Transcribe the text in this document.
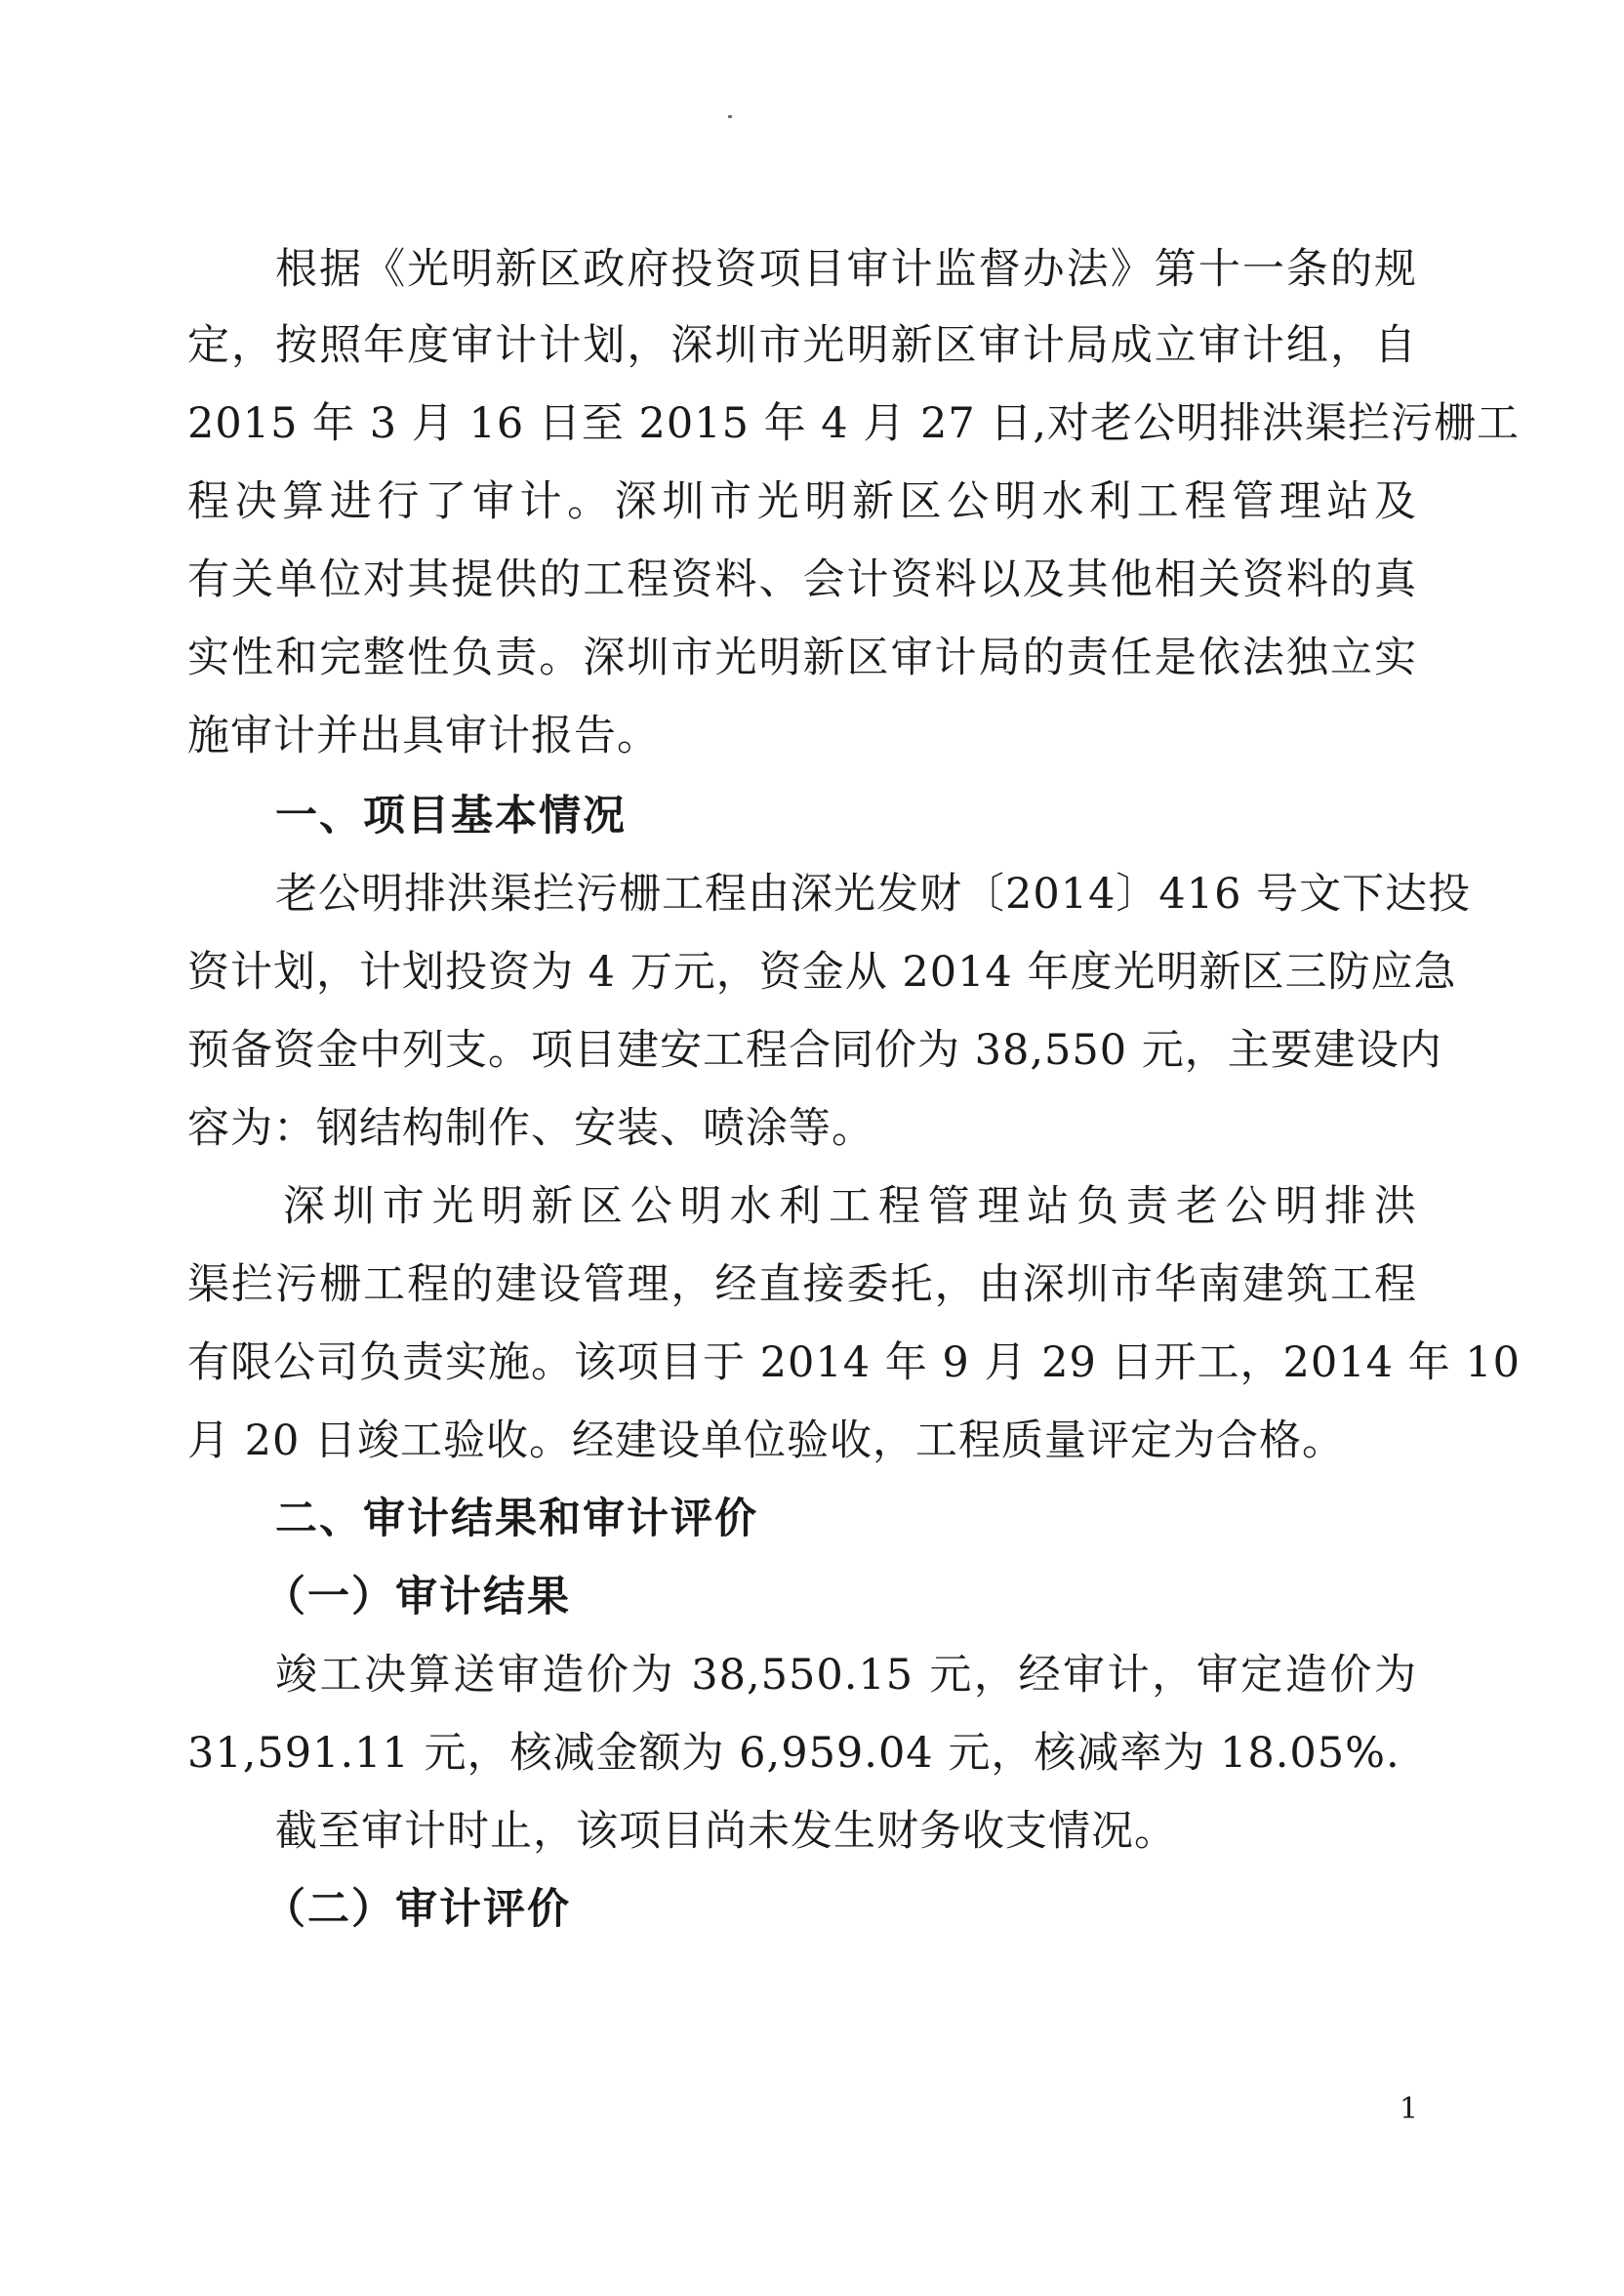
根据《光明新区政府投资项目审计监督办法》第十一条的规
定，按照年度审计计划，深圳市光明新区审计局成立审计组，自
2015 年 3 月 16 日至 2015 年 4 月 27 日,对老公明排洪渠拦污栅工
程决算进行了审计。深圳市光明新区公明水利工程管理站及
有关单位对其提供的工程资料、会计资料以及其他相关资料的真
实性和完整性负责。深圳市光明新区审计局的责任是依法独立实
施审计并出具审计报告。
一、项目基本情况
老公明排洪渠拦污栅工程由深光发财〔2014〕416 号文下达投
资计划，计划投资为 4 万元，资金从 2014 年度光明新区三防应急
预备资金中列支。项目建安工程合同价为 38,550 元，主要建设内
容为：钢结构制作、安装、喷涂等。
深圳市光明新区公明水利工程管理站负责老公明排洪
渠拦污栅工程的建设管理，经直接委托，由深圳市华南建筑工程
有限公司负责实施。该项目于 2014 年 9 月 29 日开工，2014 年 10
月 20 日竣工验收。经建设单位验收，工程质量评定为合格。
二、审计结果和审计评价
（一）审计结果
竣工决算送审造价为 38,550.15 元，经审计，审定造价为
31,591.11 元，核减金额为 6,959.04 元，核减率为 18.05%.
截至审计时止，该项目尚未发生财务收支情况。
（二）审计评价
1
